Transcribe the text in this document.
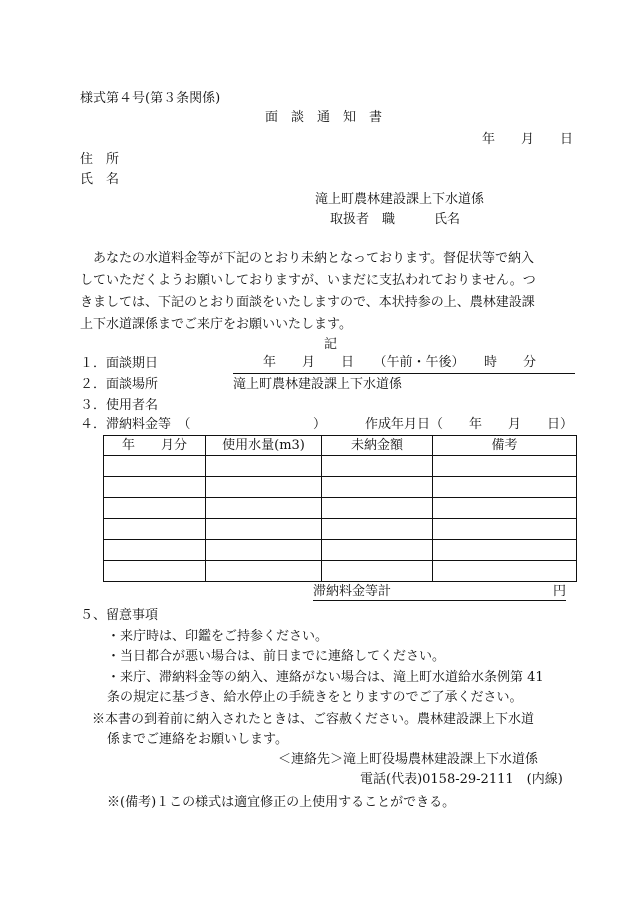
様式第４号(第３条関係)
面　談　通　知　書
年　　月　　日
住　所
氏　名
滝上町農林建設課上下水道係
取扱者　職　　　氏名
あなたの水道料金等が下記のとおり未納となっております。督促状等で納入
していただくようお願いしておりますが、いまだに支払われておりません。つ
きましては、下記のとおり面談をいたしますので、本状持参の上、農林建設課
上下水道課係までご来庁をお願いいたします。
記
１．面談期日	年　　月　　日　　（午前・午後）　　時　　分
２．面談場所	滝上町農林建設課上下水道係
３．使用者名
４．滞納料金等　（	）	作成年月日（　　年　　月　　日）
年　　月分	使用水量(m3)	未納金額	備考

滞納料金等計	円
５、留意事項
・来庁時は、印鑑をご持参ください。
・当日都合が悪い場合は、前日までに連絡してください。
・来庁、滞納料金等の納入、連絡がない場合は、滝上町水道給水条例第 41
条の規定に基づき、給水停止の手続きをとりますのでご了承ください。
※本書の到着前に納入されたときは、ご容赦ください。農林建設課上下水道
係までご連絡をお願いします。
＜連絡先＞滝上町役場農林建設課上下水道係
電話(代表)0158-29-2111　(内線)
※(備考)１この様式は適宜修正の上使用することができる。
